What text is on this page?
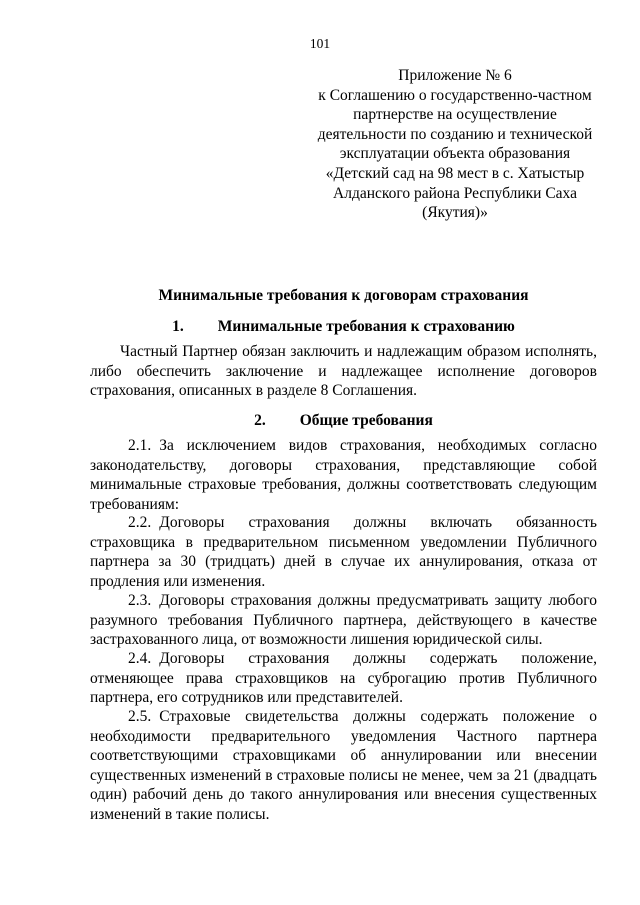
101
Приложение № 6
к Соглашению о государственно-частном
партнерстве на осуществление
деятельности по созданию и технической
эксплуатации объекта образования
«Детский сад на 98 мест в с. Хатыстыр
Алданского района Республики Саха
(Якутия)»
Минимальные требования к договорам страхования
1. Минимальные требования к страхованию
Частный Партнер обязан заключить и надлежащим образом исполнять, либо обеспечить заключение и надлежащее исполнение договоров страхования, описанных в разделе 8 Соглашения.
2. Общие требования
2.1. За исключением видов страхования, необходимых согласно законодательству, договоры страхования, представляющие собой минимальные страховые требования, должны соответствовать следующим требованиям:
2.2. Договоры страхования должны включать обязанность страховщика в предварительном письменном уведомлении Публичного партнера за 30 (тридцать) дней в случае их аннулирования, отказа от продления или изменения.
2.3. Договоры страхования должны предусматривать защиту любого разумного требования Публичного партнера, действующего в качестве застрахованного лица, от возможности лишения юридической силы.
2.4. Договоры страхования должны содержать положение, отменяющее права страховщиков на суброгацию против Публичного партнера, его сотрудников или представителей.
2.5. Страховые свидетельства должны содержать положение о необходимости предварительного уведомления Частного партнера соответствующими страховщиками об аннулировании или внесении существенных изменений в страховые полисы не менее, чем за 21 (двадцать один) рабочий день до такого аннулирования или внесения существенных изменений в такие полисы.
